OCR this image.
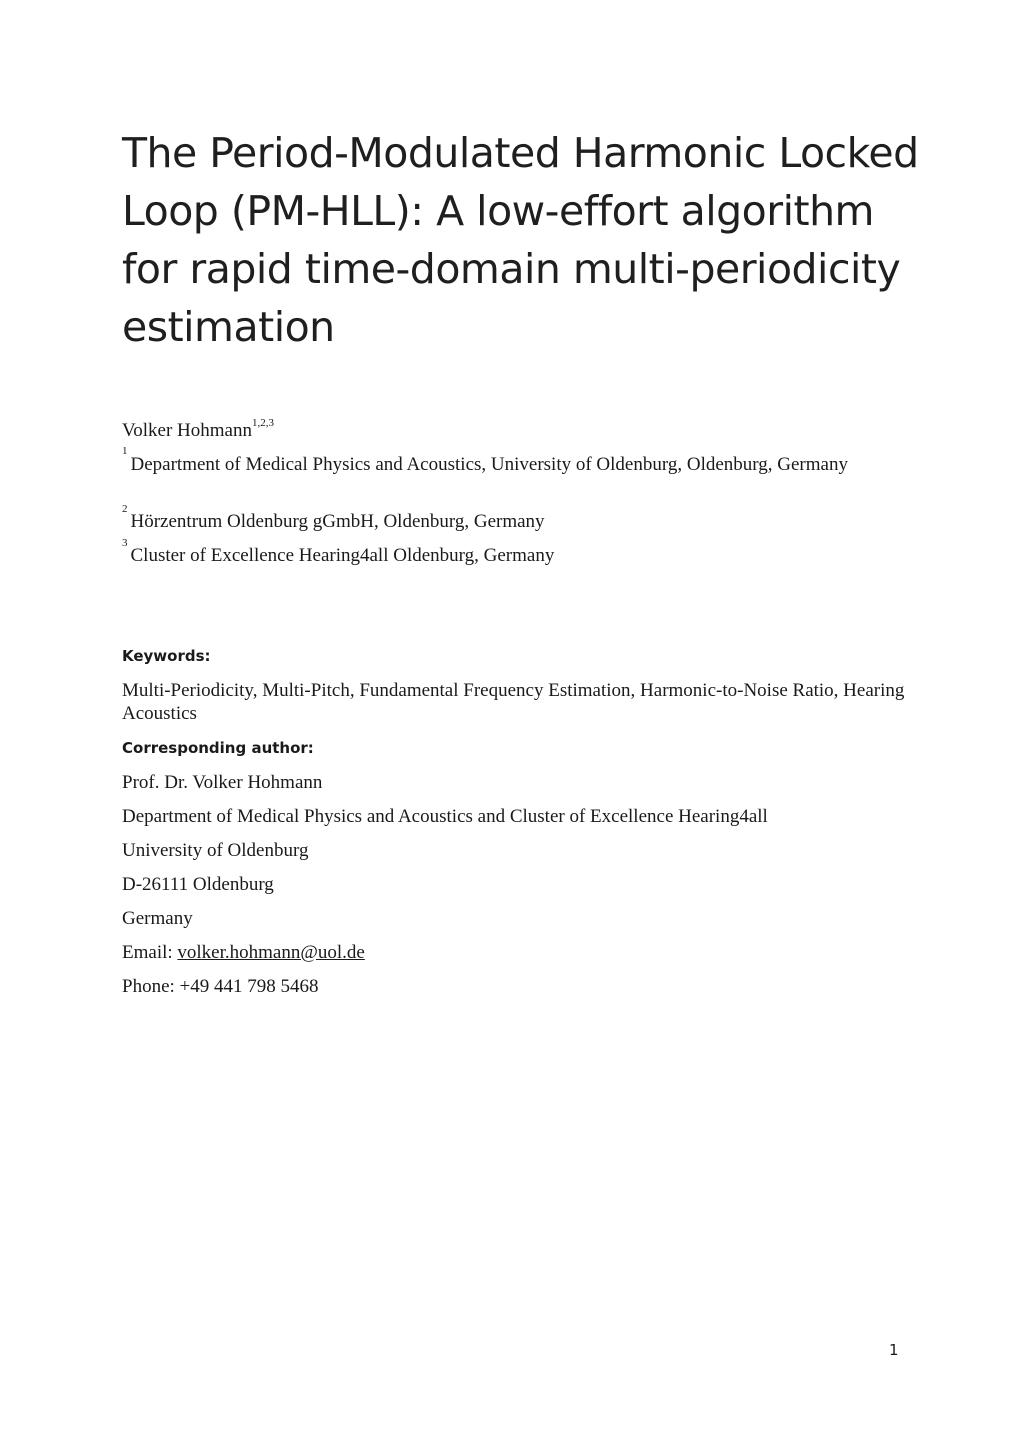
The Period-Modulated Harmonic Locked Loop (PM-HLL): A low-effort algorithm for rapid time-domain multi-periodicity estimation

Volker Hohmann$^{1,2,3}$

$^1$Department of Medical Physics and Acoustics, University of Oldenburg, Oldenburg, Germany

$^2$Hörzentrum Oldenburg gGmbH, Oldenburg, Germany

$^3$Cluster of Excellence Hearing4all Oldenburg, Germany

Keywords:

Multi-Periodicity, Multi-Pitch, Fundamental Frequency Estimation, Harmonic-to-Noise Ratio, Hearing Acoustics

Corresponding author:

Prof. Dr. Volker Hohmann

Department of Medical Physics and Acoustics and Cluster of Excellence Hearing4all

University of Oldenburg

D-26111 Oldenburg

Germany

Email: volker.hohmann@uol.de

Phone: +49 441 798 5468

1
